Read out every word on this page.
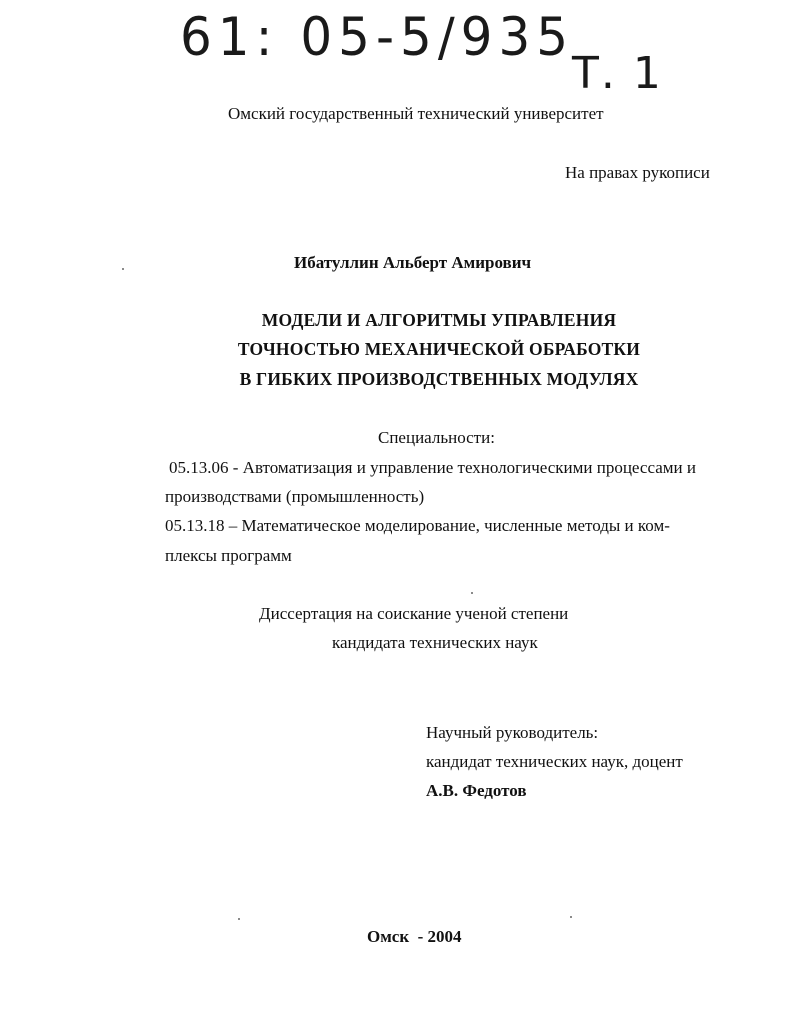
61: 05-5/935
Т. 1
Омский государственный технический университет
На правах рукописи
Ибатуллин Альберт Амирович
МОДЕЛИ И АЛГОРИТМЫ УПРАВЛЕНИЯ
ТОЧНОСТЬЮ МЕХАНИЧЕСКОЙ ОБРАБОТКИ
В ГИБКИХ ПРОИЗВОДСТВЕННЫХ МОДУЛЯХ
Специальности:
05.13.06 - Автоматизация и управление технологическими процессами и
производствами (промышленность)
05.13.18 – Математическое моделирование, численные методы и ком-
плексы программ
Диссертация на соискание ученой степени
кандидата технических наук
Научный руководитель:
кандидат технических наук, доцент
А.В. Федотов
Омск  - 2004
